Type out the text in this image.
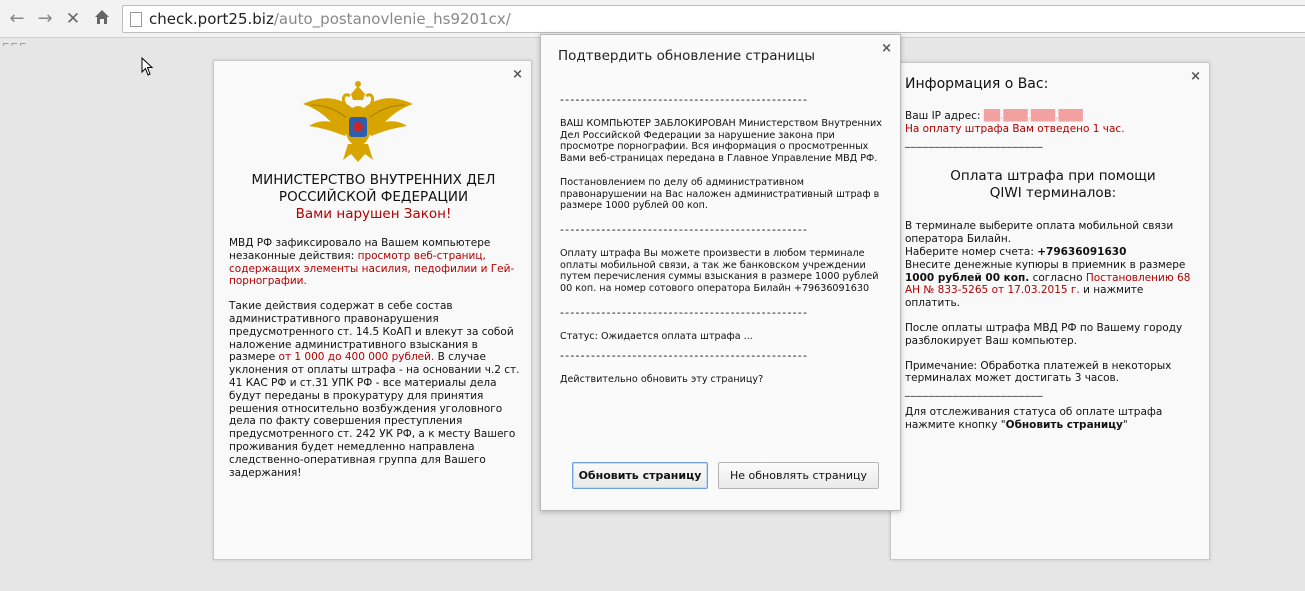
← → ✕	check.port25.biz/auto_postanovlenie_hs9201cx/
⌐⌐⌐
×
МИНИСТЕРСТВО ВНУТРЕННИХ ДЕЛ
РОССИЙСКОЙ ФЕДЕРАЦИИ
Вами нарушен Закон!

МВД РФ зафиксировало на Вашем компьютере незаконные действия: просмотр веб-страниц, содержащих элементы насилия, педофилии и Гей-порнографии.

Такие действия содержат в себе состав административного правонарушения предусмотренного ст. 14.5 КоАП и влекут за собой наложение административного взыскания в размере от 1 000 до 400 000 рублей. В случае уклонения от оплаты штрафа - на основании ч.2 ст. 41 КАС РФ и ст.31 УПК РФ - все материалы дела будут переданы в прокуратуру для принятия решения относительно возбуждения уголовного дела по факту совершения преступления предусмотренного ст. 242 УК РФ, а к месту Вашего проживания будет немедленно направлена следственно-оперативная группа для Вашего задержания!

×
Информация о Вас:
Ваш IP адрес: ██.███.███.███
На оплату штрафа Вам отведено 1 час.
_______________________
Оплата штрафа при помощи
QIWI терминалов:
В терминале выберите оплата мобильной связи оператора Билайн.
Наберите номер счета: +79636091630

Внесите денежные купюры в приемник в размере 1000 рублей 00 коп. согласно Постановлению 68 АН № 833-5265 от 17.03.2015 г. и нажмите оплатить.

После оплаты штрафа МВД РФ по Вашему городу разблокирует Ваш компьютер.

Примечание: Обработка платежей в некоторых терминалах может достигать 3 часов.
_______________________
Для отслеживания статуса об оплате штрафа нажмите кнопку "Обновить страницу"
×
Подтвердить обновление страницы
------------------------------------------------

ВАШ КОМПЬЮТЕР ЗАБЛОКИРОВАН Министерством Внутренних Дел Российской Федерации за нарушение закона при просмотре порнографии. Вся информация о просмотренных Вами веб-страницах передана в Главное Управление МВД РФ.

Постановлением по делу об административном правонарушении на Вас наложен административный штраф в размере 1000 рублей 00 коп.

------------------------------------------------

Оплату штрафа Вы можете произвести в любом терминале оплаты мобильной связи, а так же банковском учреждении путем перечисления суммы взыскания в размере 1000 рублей 00 коп. на номер сотового оператора Билайн +79636091630

------------------------------------------------
Статус: Ожидается оплата штрафа ...
------------------------------------------------
Действительно обновить эту страницу?
Обновить страницу	Не обновлять страницу
